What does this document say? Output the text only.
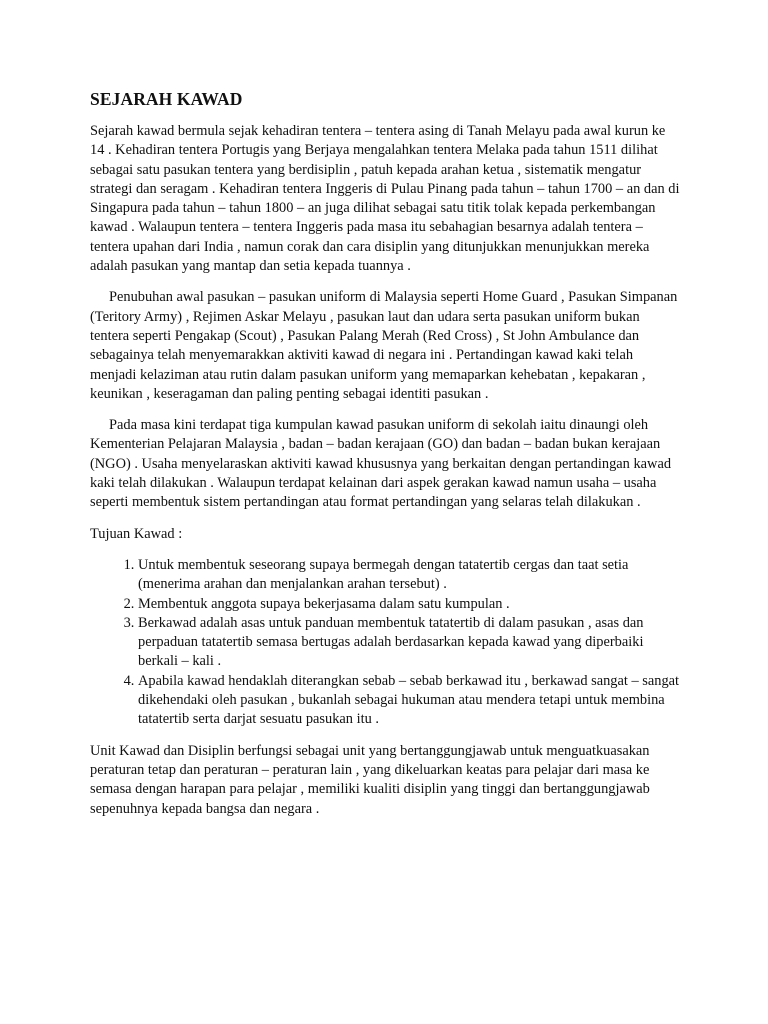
SEJARAH KAWAD

Sejarah kawad bermula sejak kehadiran tentera – tentera asing di Tanah Melayu pada awal kurun ke 14 . Kehadiran tentera Portugis yang Berjaya mengalahkan tentera Melaka pada tahun 1511 dilihat sebagai satu pasukan tentera yang berdisiplin , patuh kepada arahan ketua , sistematik mengatur strategi dan seragam . Kehadiran tentera Inggeris di Pulau Pinang pada tahun – tahun 1700 – an dan di Singapura pada tahun – tahun 1800 – an juga dilihat sebagai satu titik tolak kepada perkembangan kawad . Walaupun tentera – tentera Inggeris pada masa itu sebahagian besarnya adalah tentera – tentera upahan dari India , namun corak dan cara disiplin yang ditunjukkan menunjukkan mereka adalah pasukan yang mantap dan setia kepada tuannya .

Penubuhan awal pasukan – pasukan uniform di Malaysia seperti Home Guard , Pasukan Simpanan (Teritory Army) , Rejimen Askar Melayu , pasukan laut dan udara serta pasukan uniform bukan tentera seperti Pengakap (Scout) , Pasukan Palang Merah (Red Cross) , St John Ambulance dan sebagainya telah menyemarakkan aktiviti kawad di negara ini . Pertandingan kawad kaki telah menjadi kelaziman atau rutin dalam pasukan uniform yang memaparkan kehebatan , kepakaran , keunikan , keseragaman dan paling penting sebagai identiti pasukan .

Pada masa kini terdapat tiga kumpulan kawad pasukan uniform di sekolah iaitu dinaungi oleh Kementerian Pelajaran Malaysia , badan – badan kerajaan (GO) dan badan – badan bukan kerajaan (NGO) . Usaha menyelaraskan aktiviti kawad khususnya yang berkaitan dengan pertandingan kawad kaki telah dilakukan . Walaupun terdapat kelainan dari aspek gerakan kawad namun usaha – usaha seperti membentuk sistem pertandingan atau format pertandingan yang selaras telah dilakukan .

Tujuan Kawad :

1. Untuk membentuk seseorang supaya bermegah dengan tatatertib cergas dan taat setia (menerima arahan dan menjalankan arahan tersebut) .
2. Membentuk anggota supaya bekerjasama dalam satu kumpulan .
3. Berkawad adalah asas untuk panduan membentuk tatatertib di dalam pasukan , asas dan perpaduan tatatertib semasa bertugas adalah berdasarkan kepada kawad yang diperbaiki berkali – kali .
4. Apabila kawad hendaklah diterangkan sebab – sebab berkawad itu , berkawad sangat – sangat dikehendaki oleh pasukan , bukanlah sebagai hukuman atau mendera tetapi untuk membina tatatertib serta darjat sesuatu pasukan itu .

Unit Kawad dan Disiplin berfungsi sebagai unit yang bertanggungjawab untuk menguatkuasakan peraturan tetap dan peraturan – peraturan lain , yang dikeluarkan keatas para pelajar dari masa ke semasa dengan harapan para pelajar , memiliki kualiti disiplin yang tinggi dan bertanggungjawab sepenuhnya kepada bangsa dan negara .
